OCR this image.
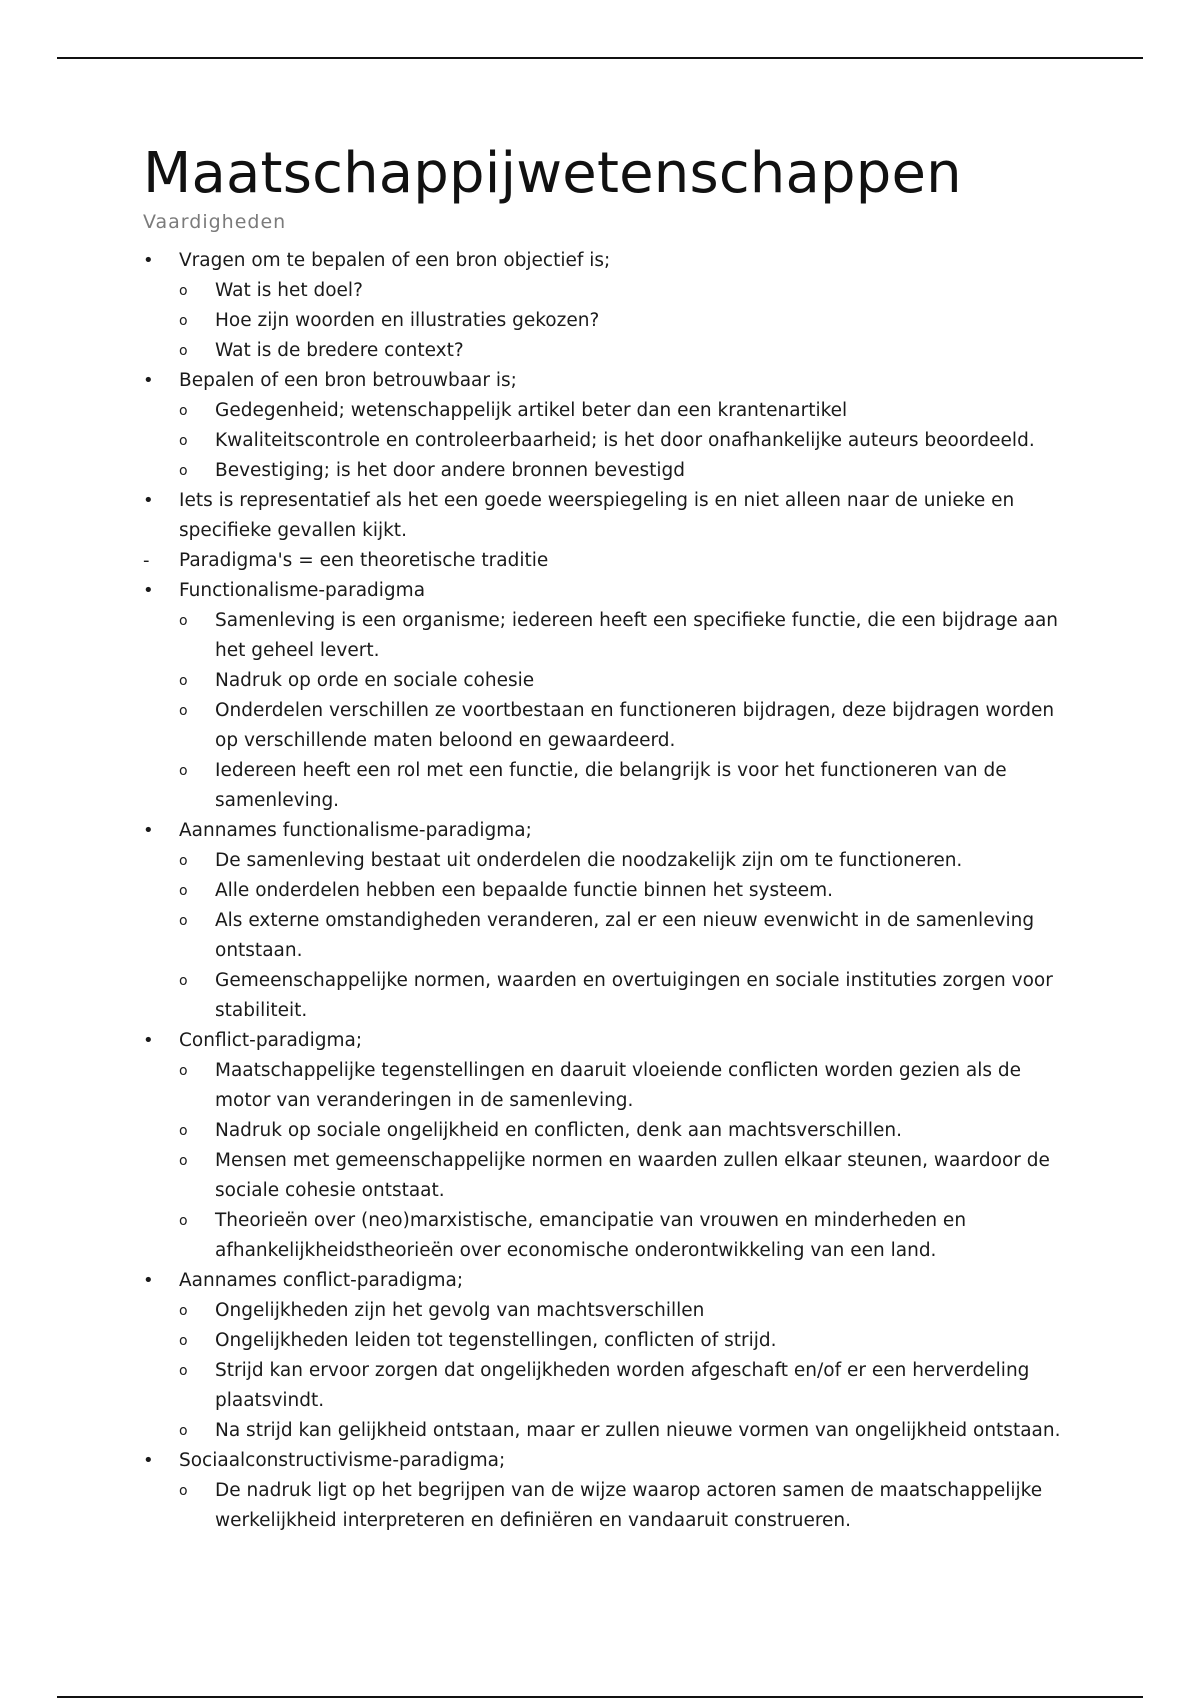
Maatschappijwetenschappen
Vaardigheden
•	Vragen om te bepalen of een bron objectief is;
o	Wat is het doel?
o	Hoe zijn woorden en illustraties gekozen?
o	Wat is de bredere context?
•	Bepalen of een bron betrouwbaar is;
o	Gedegenheid; wetenschappelijk artikel beter dan een krantenartikel
o	Kwaliteitscontrole en controleerbaarheid; is het door onafhankelijke auteurs beoordeeld.
o	Bevestiging; is het door andere bronnen bevestigd
•	Iets is representatief als het een goede weerspiegeling is en niet alleen naar de unieke en specifieke gevallen kijkt.
-	Paradigma's = een theoretische traditie
•	Functionalisme-paradigma
o	Samenleving is een organisme; iedereen heeft een specifieke functie, die een bijdrage aan het geheel levert.
o	Nadruk op orde en sociale cohesie
o	Onderdelen verschillen ze voortbestaan en functioneren bijdragen, deze bijdragen worden op verschillende maten beloond en gewaardeerd.
o	Iedereen heeft een rol met een functie, die belangrijk is voor het functioneren van de samenleving.
•	Aannames functionalisme-paradigma;
o	De samenleving bestaat uit onderdelen die noodzakelijk zijn om te functioneren.
o	Alle onderdelen hebben een bepaalde functie binnen het systeem.
o	Als externe omstandigheden veranderen, zal er een nieuw evenwicht in de samenleving ontstaan.
o	Gemeenschappelijke normen, waarden en overtuigingen en sociale instituties zorgen voor stabiliteit.
•	Conflict-paradigma;
o	Maatschappelijke tegenstellingen en daaruit vloeiende conflicten worden gezien als de motor van veranderingen in de samenleving.
o	Nadruk op sociale ongelijkheid en conflicten, denk aan machtsverschillen.
o	Mensen met gemeenschappelijke normen en waarden zullen elkaar steunen, waardoor de sociale cohesie ontstaat.
o	Theorieën over (neo)marxistische, emancipatie van vrouwen en minderheden en afhankelijkheidstheorieën over economische onderontwikkeling van een land.
•	Aannames conflict-paradigma;
o	Ongelijkheden zijn het gevolg van machtsverschillen
o	Ongelijkheden leiden tot tegenstellingen, conflicten of strijd.
o	Strijd kan ervoor zorgen dat ongelijkheden worden afgeschaft en/of er een herverdeling plaatsvindt.
o	Na strijd kan gelijkheid ontstaan, maar er zullen nieuwe vormen van ongelijkheid ontstaan.
•	Sociaalconstructivisme-paradigma;
o	De nadruk ligt op het begrijpen van de wijze waarop actoren samen de maatschappelijke werkelijkheid interpreteren en definiëren en vandaaruit construeren.
